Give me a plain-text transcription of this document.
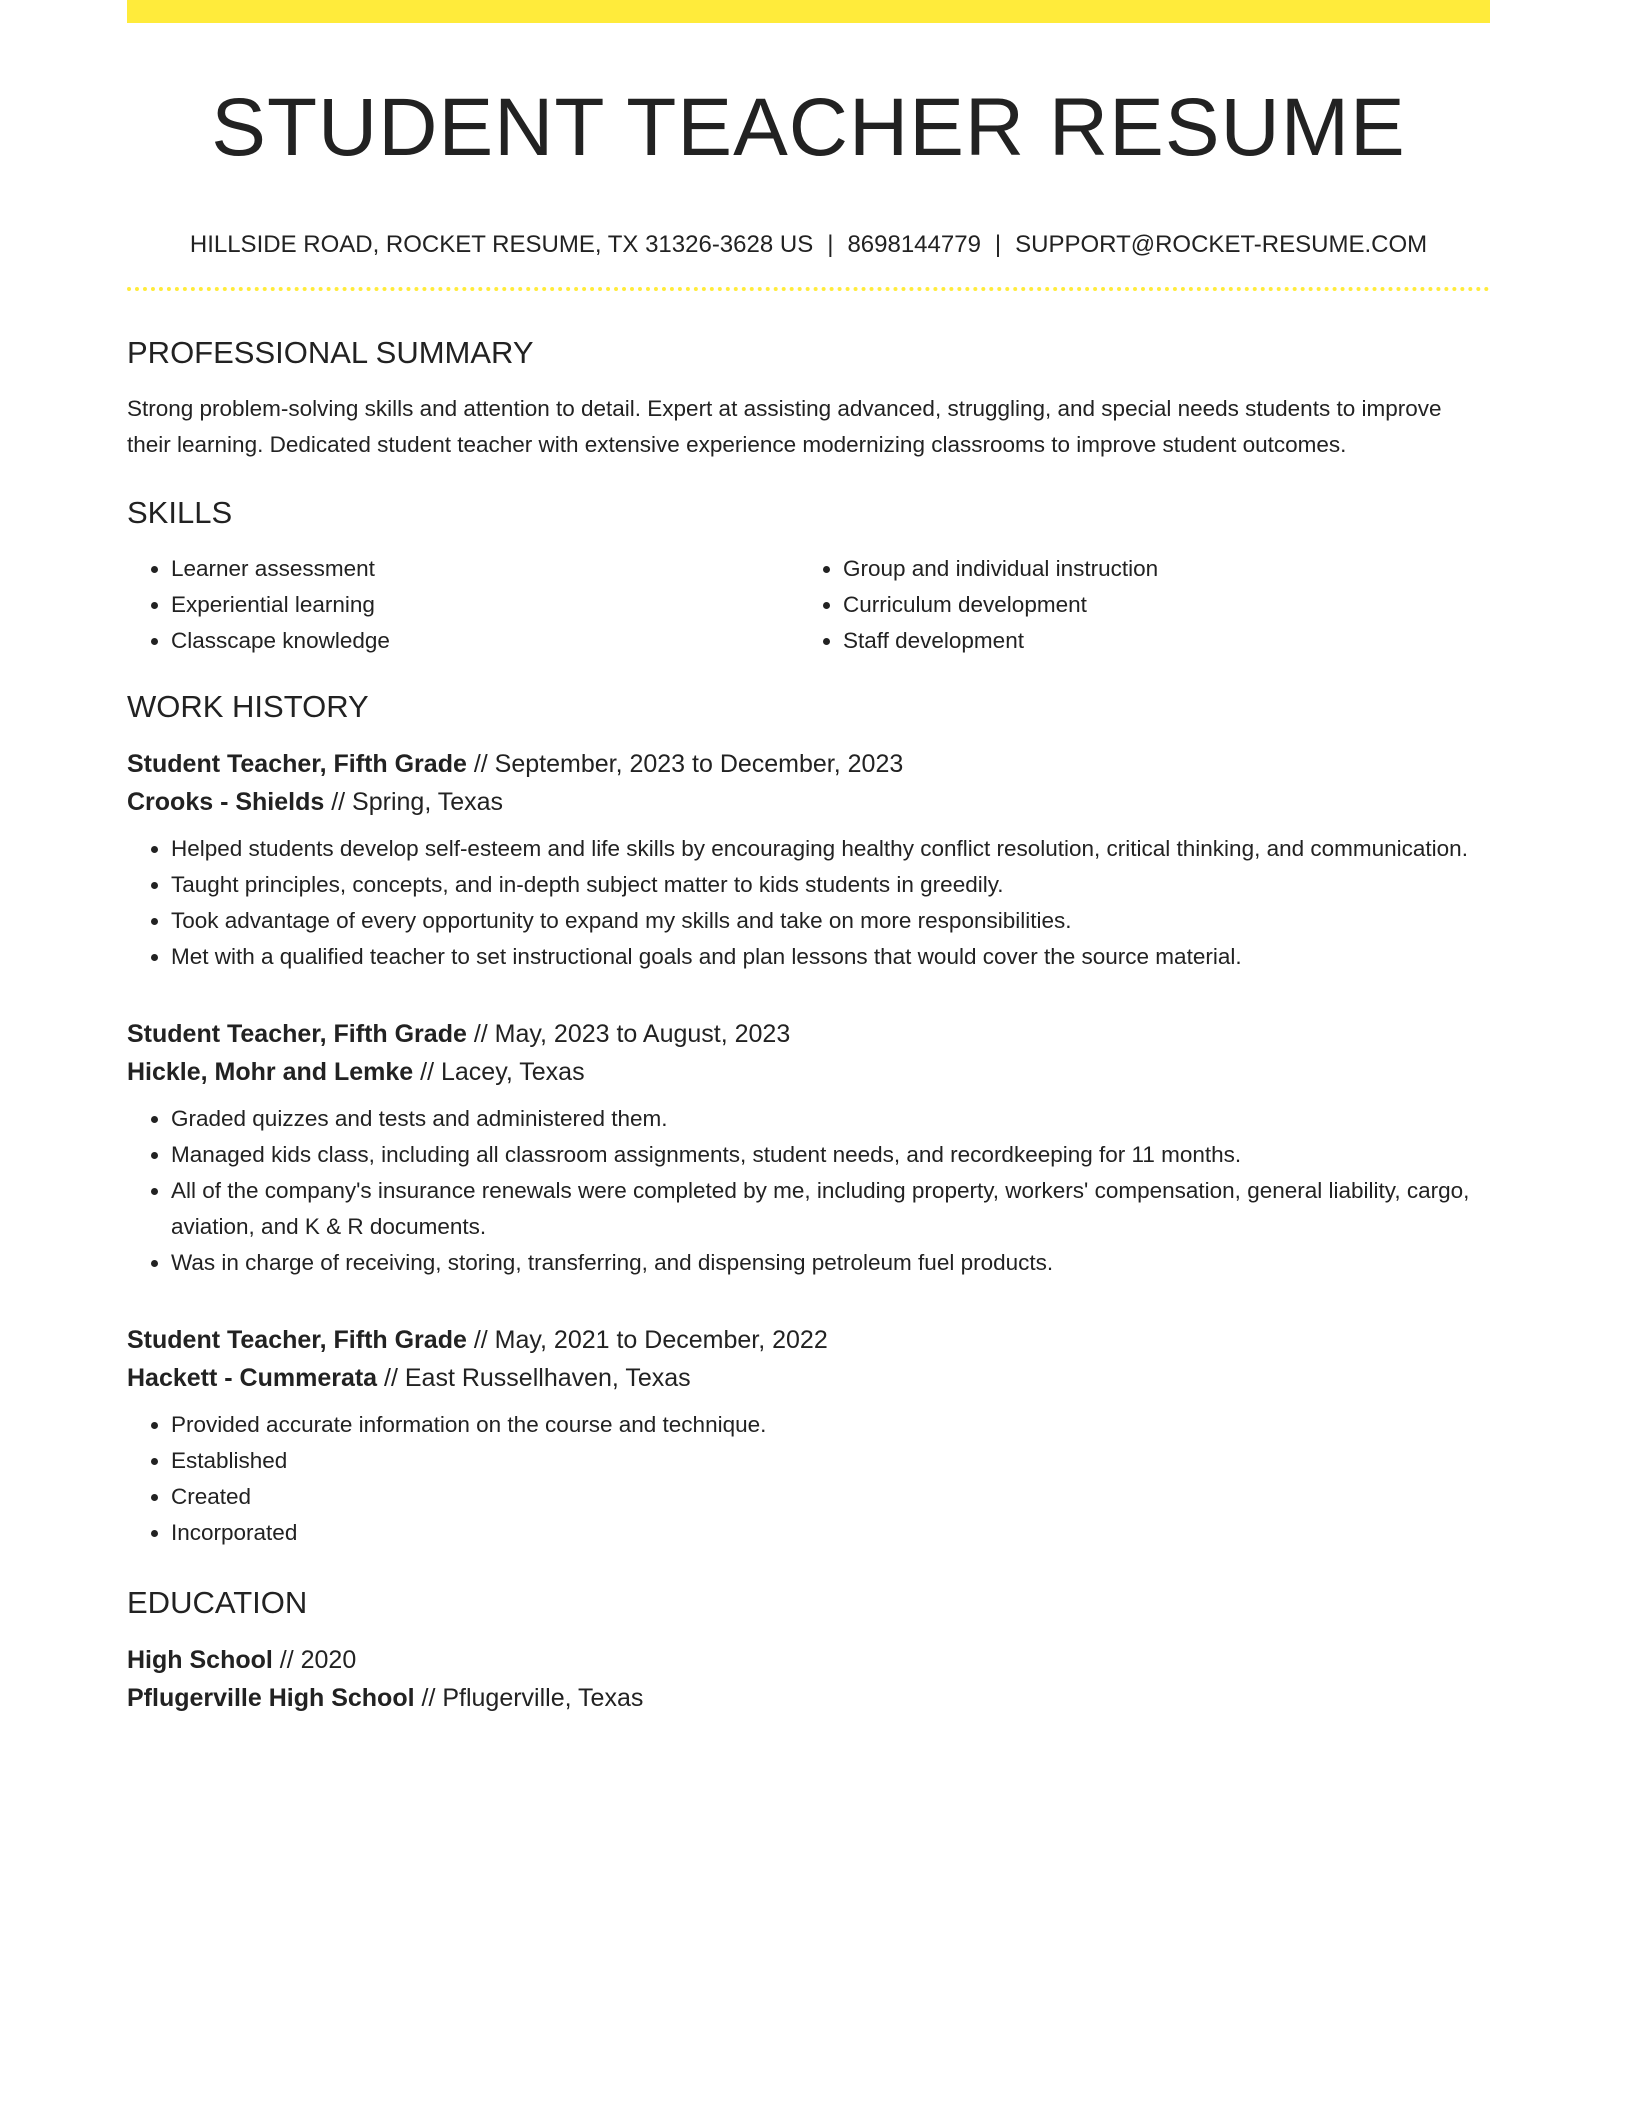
STUDENT TEACHER RESUME
HILLSIDE ROAD, ROCKET RESUME, TX 31326-3628 US | 8698144779 | SUPPORT@ROCKET-RESUME.COM
PROFESSIONAL SUMMARY
Strong problem-solving skills and attention to detail. Expert at assisting advanced, struggling, and special needs students to improve their learning. Dedicated student teacher with extensive experience modernizing classrooms to improve student outcomes.
SKILLS
• Learner assessment
• Experiential learning
• Classcape knowledge
• Group and individual instruction
• Curriculum development
• Staff development
WORK HISTORY
Student Teacher, Fifth Grade // September, 2023 to December, 2023
Crooks - Shields // Spring, Texas
• Helped students develop self-esteem and life skills by encouraging healthy conflict resolution, critical thinking, and communication.
• Taught principles, concepts, and in-depth subject matter to kids students in greedily.
• Took advantage of every opportunity to expand my skills and take on more responsibilities.
• Met with a qualified teacher to set instructional goals and plan lessons that would cover the source material.
Student Teacher, Fifth Grade // May, 2023 to August, 2023
Hickle, Mohr and Lemke // Lacey, Texas
• Graded quizzes and tests and administered them.
• Managed kids class, including all classroom assignments, student needs, and recordkeeping for 11 months.
• All of the company's insurance renewals were completed by me, including property, workers' compensation, general liability, cargo, aviation, and K & R documents.
• Was in charge of receiving, storing, transferring, and dispensing petroleum fuel products.
Student Teacher, Fifth Grade // May, 2021 to December, 2022
Hackett - Cummerata // East Russellhaven, Texas
• Provided accurate information on the course and technique.
• Established
• Created
• Incorporated
EDUCATION
High School // 2020
Pflugerville High School // Pflugerville, Texas
